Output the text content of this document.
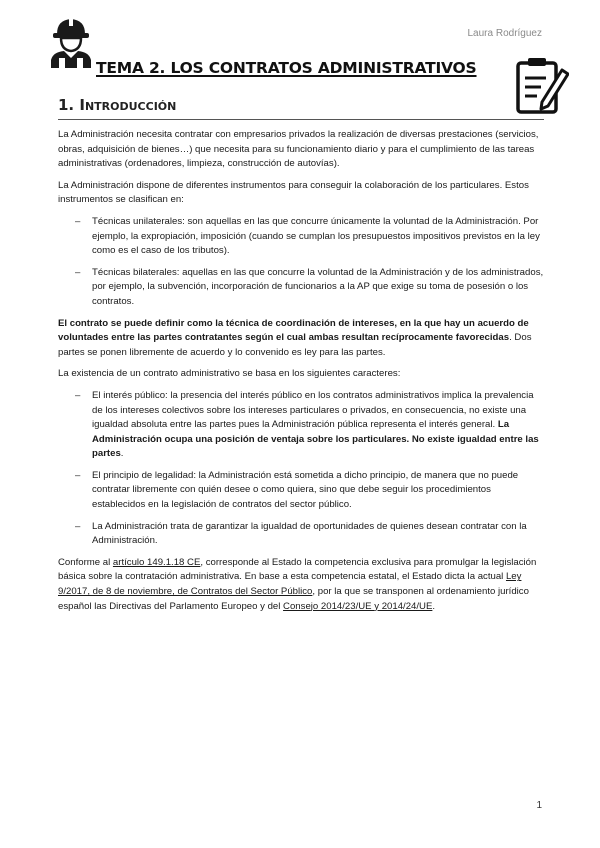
Laura Rodríguez
TEMA 2. LOS CONTRATOS ADMINISTRATIVOS
1. Introducción

La Administración necesita contratar con empresarios privados la realización de diversas prestaciones (servicios, obras, adquisición de bienes…) que necesita para su funcionamiento diario y para el cumplimiento de las tareas administrativas (ordenadores, limpieza, construcción de autovías).

La Administración dispone de diferentes instrumentos para conseguir la colaboración de los particulares. Estos instrumentos se clasifican en:

– Técnicas unilaterales: son aquellas en las que concurre únicamente la voluntad de la Administración. Por ejemplo, la expropiación, imposición (cuando se cumplan los presupuestos impositivos previstos en la ley como es el caso de los tributos).
– Técnicas bilaterales: aquellas en las que concurre la voluntad de la Administración y de los administrados, por ejemplo, la subvención, incorporación de funcionarios a la AP que exige su toma de posesión o los contratos.

El contrato se puede definir como la técnica de coordinación de intereses, en la que hay un acuerdo de voluntades entre las partes contratantes según el cual ambas resultan recíprocamente favorecidas. Dos partes se ponen libremente de acuerdo y lo convenido es ley para las partes.

La existencia de un contrato administrativo se basa en los siguientes caracteres:

– El interés público: la presencia del interés público en los contratos administrativos implica la prevalencia de los intereses colectivos sobre los intereses particulares o privados, en consecuencia, no existe una igualdad absoluta entre las partes pues la Administración pública representa el interés general. La Administración ocupa una posición de ventaja sobre los particulares. No existe igualdad entre las partes.
– El principio de legalidad: la Administración está sometida a dicho principio, de manera que no puede contratar libremente con quién desee o como quiera, sino que debe seguir los procedimientos establecidos en la legislación de contratos del sector público.
– La Administración trata de garantizar la igualdad de oportunidades de quienes desean contratar con la Administración.

Conforme al artículo 149.1.18 CE, corresponde al Estado la competencia exclusiva para promulgar la legislación básica sobre la contratación administrativa. En base a esta competencia estatal, el Estado dicta la actual Ley 9/2017, de 8 de noviembre, de Contratos del Sector Público, por la que se transponen al ordenamiento jurídico español las Directivas del Parlamento Europeo y del Consejo 2014/23/UE y 2014/24/UE.

1
